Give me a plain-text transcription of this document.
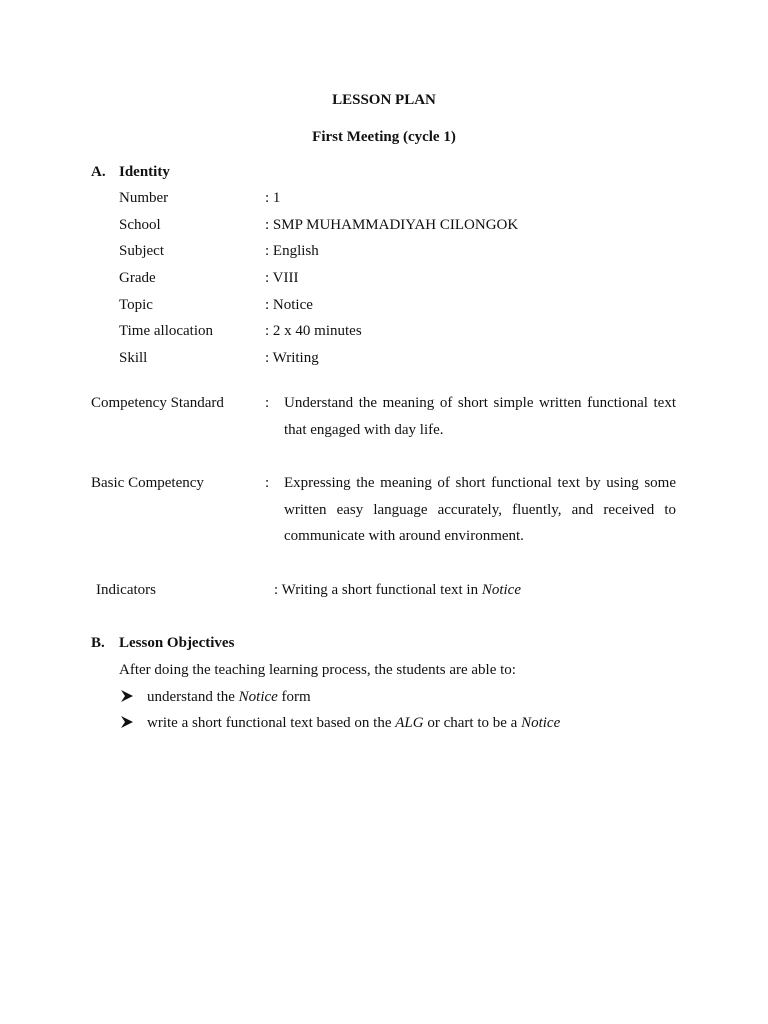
LESSON PLAN
First Meeting (cycle 1)
A. Identity
Number	: 1
School	: SMP MUHAMMADIYAH CILONGOK
Subject	: English
Grade	: VIII
Topic	: Notice
Time allocation	: 2 x 40 minutes
Skill	: Writing
Competency Standard	: Understand the meaning of short simple written functional text
that engaged with day life.
Basic Competency	: Expressing the meaning of short functional text by using some
written easy language accurately, fluently, and received to
communicate with around environment.
Indicators	: Writing a short functional text in Notice
B. Lesson Objectives
After doing the teaching learning process, the students are able to:
understand the Notice form
write a short functional text based on the ALG or chart to be a Notice
